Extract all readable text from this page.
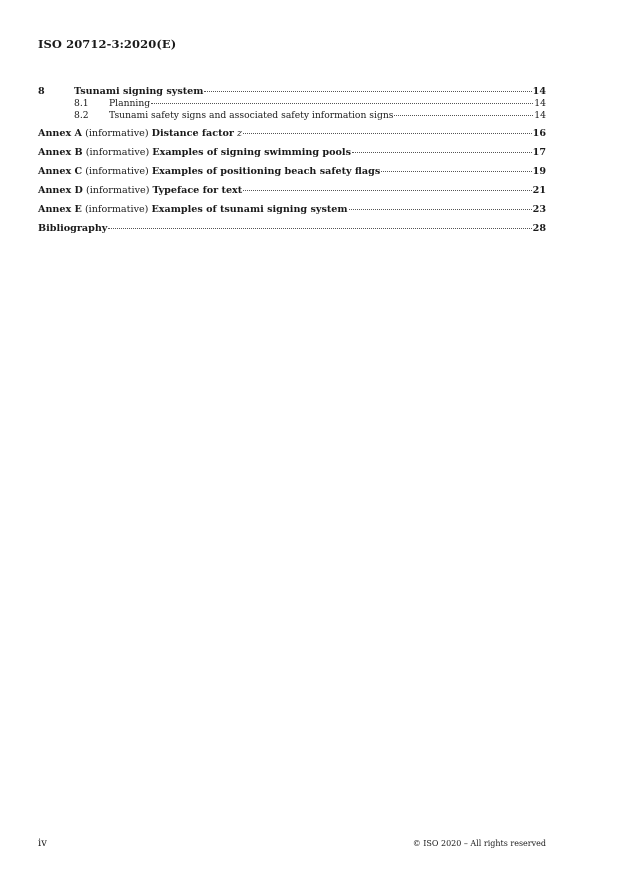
ISO 20712-3:2020(E)
8	Tsunami signing system	14
8.1	Planning	14
8.2	Tsunami safety signs and associated safety information signs	14
Annex A (informative) Distance factor z	16
Annex B (informative) Examples of signing swimming pools	17
Annex C (informative) Examples of positioning beach safety flags	19
Annex D (informative) Typeface for text	21
Annex E (informative) Examples of tsunami signing system	23
Bibliography	28
iv	© ISO 2020 – All rights reserved
